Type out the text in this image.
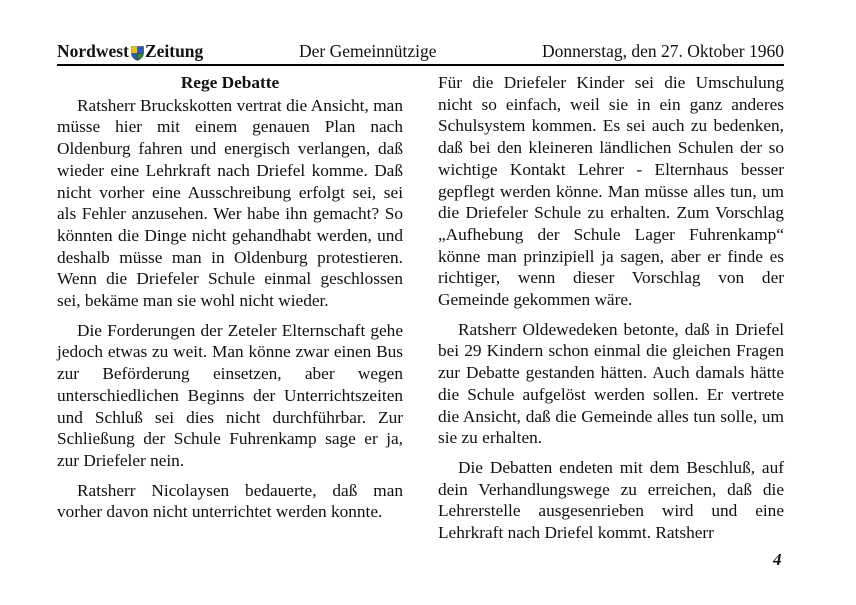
Nordwest Zeitung	Der Gemeinnützige	Donnerstag, den 27. Oktober 1960
Rege Debatte

Ratsherr Bruckskotten vertrat die Ansicht, man müsse hier mit einem genauen Plan nach Oldenburg fahren und energisch verlangen, daß wieder eine Lehrkraft nach Driefel komme. Daß nicht vorher eine Ausschreibung erfolgt sei, sei als Fehler anzusehen. Wer habe ihn gemacht? So könnten die Dinge nicht gehandhabt werden, und deshalb müsse man in Oldenburg protestieren. Wenn die Driefeler Schule einmal geschlossen sei, bekäme man sie wohl nicht wieder.

Die Forderungen der Zeteler Elternschaft gehe jedoch etwas zu weit. Man könne zwar einen Bus zur Beförderung einsetzen, aber wegen unterschiedlichen Beginns der Unterrichtszeiten und Schluß sei dies nicht durchführbar. Zur Schließung der Schule Fuhrenkamp sage er ja, zur Driefeler nein.

Ratsherr Nicolaysen bedauerte, daß man vorher davon nicht unterrichtet werden konnte.

Für die Driefeler Kinder sei die Umschulung nicht so einfach, weil sie in ein ganz anderes Schulsystem kommen. Es sei auch zu bedenken, daß bei den kleineren ländlichen Schulen der so wichtige Kontakt Lehrer - Elternhaus besser gepflegt werden könne. Man müsse alles tun, um die Driefeler Schule zu erhalten. Zum Vorschlag „Aufhebung der Schule Lager Fuhrenkamp“ könne man prinzipiell ja sagen, aber er finde es richtiger, wenn dieser Vorschlag von der Gemeinde gekommen wäre.

Ratsherr Oldewedeken betonte, daß in Driefel bei 29 Kindern schon einmal die gleichen Fragen zur Debatte gestanden hätten. Auch damals hätte die Schule aufgelöst werden sollen. Er vertrete die Ansicht, daß die Gemeinde alles tun solle, um sie zu erhalten.

Die Debatten endeten mit dem Beschluß, auf dein Verhandlungswege zu erreichen, daß die Lehrerstelle ausgesenrieben wird und eine Lehrkraft nach Driefel kommt. Ratsherr

4
